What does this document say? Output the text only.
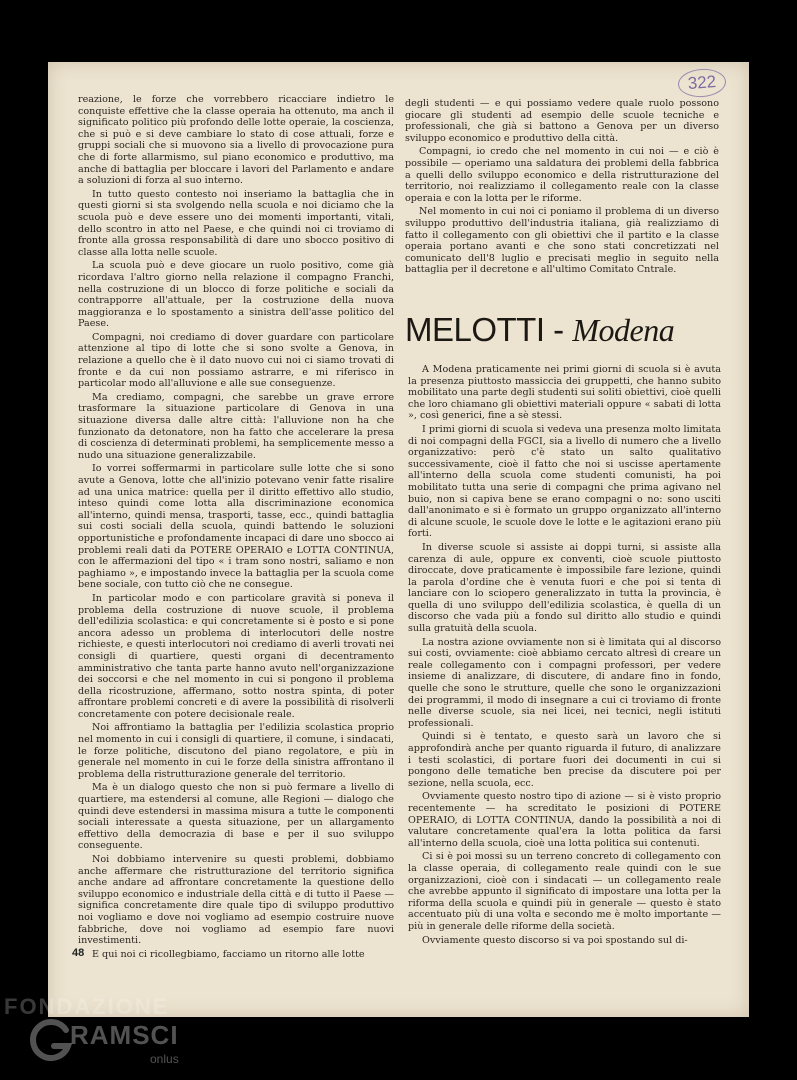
322

reazione, le forze che vorrebbero ricacciare indietro le conquiste effettive che la classe operaia ha ottenuto, ma anch il significato politico più profondo delle lotte operaie, la coscienza, che si può e si deve cambiare lo stato di cose attuali, forze e gruppi sociali che si muovono sia a livello di provocazione pura che di forte allarmismo, sul piano economico e produttivo, ma anche di battaglia per bloccare i lavori del Parlamento e andare a soluzioni di forza al suo interno.

In tutto questo contesto noi inseriamo la battaglia che in questi giorni si sta svolgendo nella scuola e noi diciamo che la scuola può e deve essere uno dei momenti importanti, vitali, dello scontro in atto nel Paese, e che quindi noi ci troviamo di fronte alla grossa responsabilità di dare uno sbocco positivo di classe alla lotta nelle scuole.

La scuola può e deve giocare un ruolo positivo, come già ricordava l'altro giorno nella relazione il compagno Franchi, nella costruzione di un blocco di forze politiche e sociali da contrapporre all'attuale, per la costruzione della nuova maggioranza e lo spostamento a sinistra dell'asse politico del Paese.

Compagni, noi crediamo di dover guardare con particolare attenzione al tipo di lotte che si sono svolte a Genova, in relazione a quello che è il dato nuovo cui noi ci siamo trovati di fronte e da cui non possiamo astrarre, e mi riferisco in particolar modo all'alluvione e alle sue conseguenze.

Ma crediamo, compagni, che sarebbe un grave errore trasformare la situazione particolare di Genova in una situazione diversa dalle altre città: l'alluvione non ha che funzionato da detonatore, non ha fatto che accelerare la presa di coscienza di determinati problemi, ha semplicemente messo a nudo una situazione generalizzabile.

Io vorrei soffermarmi in particolare sulle lotte che si sono avute a Genova, lotte che all'inizio potevano venir fatte risalire ad una unica matrice: quella per il diritto effettivo allo studio, inteso quindi come lotta alla discriminazione economica all'interno, quindi mensa, trasporti, tasse, ecc., quindi battaglia sui costi sociali della scuola, quindi battendo le soluzioni opportunistiche e profondamente incapaci di dare uno sbocco ai problemi reali dati da POTERE OPERAIO e LOTTA CONTINUA, con le affermazioni del tipo « i tram sono nostri, saliamo e non paghiamo », e impostando invece la battaglia per la scuola come bene sociale, con tutto ciò che ne consegue.

In particolar modo e con particolare gravità si poneva il problema della costruzione di nuove scuole, il problema dell'edilizia scolastica: e qui concretamente si è posto e si pone ancora adesso un problema di interlocutori delle nostre richieste, e questi interlocutori noi crediamo di averli trovati nei consigli di quartiere, questi organi di decentramento amministrativo che tanta parte hanno avuto nell'organizzazione dei soccorsi e che nel momento in cui si pongono il problema della ricostruzione, affermano, sotto nostra spinta, di poter affrontare problemi concreti e di avere la possibilità di risolverli concretamente con potere decisionale reale.

Noi affrontiamo la battaglia per l'edilizia scolastica proprio nel momento in cui i consigli di quartiere, il comune, i sindacati, le forze politiche, discutono del piano regolatore, e più in generale nel momento in cui le forze della sinistra affrontano il problema della ristrutturazione generale del territorio.

Ma è un dialogo questo che non si può fermare a livello di quartiere, ma estendersi al comune, alle Regioni — dialogo che quindi deve estendersi in massima misura a tutte le componenti sociali interessate a questa situazione, per un allargamento effettivo della democrazia di base e per il suo sviluppo conseguente.

Noi dobbiamo intervenire su questi problemi, dobbiamo anche affermare che ristrutturazione del territorio significa anche andare ad affrontare concretamente la questione dello sviluppo economico e industriale della città e di tutto il Paese — significa concretamente dire quale tipo di sviluppo produttivo noi vogliamo e dove noi vogliamo ad esempio costruire nuove fabbriche, dove noi vogliamo ad esempio fare nuovi investimenti.

E qui noi ci ricollegbiamo, facciamo un ritorno alle lotte

degli studenti — e qui possiamo vedere quale ruolo possono giocare gli studenti ad esempio delle scuole tecniche e professionali, che già si battono a Genova per un diverso sviluppo economico e produttivo della città.

Compagni, io credo che nel momento in cui noi — e ciò è possibile — operiamo una saldatura dei problemi della fabbrica a quelli dello sviluppo economico e della ristrutturazione del territorio, noi realizziamo il collegamento reale con la classe operaia e con la lotta per le riforme.

Nel momento in cui noi ci poniamo il problema di un diverso sviluppo produttivo dell'industria italiana, già realizziamo di fatto il collegamento con gli obiettivi che il partito e la classe operaia portano avanti e che sono stati concretizzati nel comunicato dell'8 luglio e precisati meglio in seguito nella battaglia per il decretone e all'ultimo Comitato Cntrale.

MELOTTI - Modena

A Modena praticamente nei primi giorni di scuola si è avuta la presenza piuttosto massiccia dei gruppetti, che hanno subito mobilitato una parte degli studenti sui soliti obiettivi, cioè quelli che loro chiamano gli obiettivi materiali oppure « sabati di lotta », così generici, fine a sè stessi.

I primi giorni di scuola si vedeva una presenza molto limitata di noi compagni della FGCI, sia a livello di numero che a livello organizzativo: però c'è stato un salto qualitativo successivamente, cioè il fatto che noi si uscisse apertamente all'interno della scuola come studenti comunisti, ha poi mobilitato tutta una serie di compagni che prima agivano nel buio, non si capiva bene se erano compagni o no: sono usciti dall'anonimato e si è formato un gruppo organizzato all'interno di alcune scuole, le scuole dove le lotte e le agitazioni erano più forti.

In diverse scuole si assiste ai doppi turni, si assiste alla carenza di aule, oppure ex conventi, cioè scuole piuttosto diroccate, dove praticamente è impossibile fare lezione, quindi la parola d'ordine che è venuta fuori e che poi si tenta di lanciare con lo sciopero generalizzato in tutta la provincia, è quella di uno sviluppo dell'edilizia scolastica, è quella di un discorso che vada più a fondo sul diritto allo studio e quindi sulla gratuità della scuola.

La nostra azione ovviamente non si è limitata qui al discorso sui costi, ovviamente: cioè abbiamo cercato altresì di creare un reale collegamento con i compagni professori, per vedere insieme di analizzare, di discutere, di andare fino in fondo, quelle che sono le strutture, quelle che sono le organizzazioni dei programmi, il modo di insegnare a cui ci troviamo di fronte nelle diverse scuole, sia nei licei, nei tecnici, negli istituti professionali.

Quindi si è tentato, e questo sarà un lavoro che si approfondirà anche per quanto riguarda il futuro, di analizzare i testi scolastici, di portare fuori dei documenti in cui si pongono delle tematiche ben precise da discutere poi per sezione, nella scuola, ecc.

Ovviamente questo nostro tipo di azione — si è visto proprio recentemente — ha screditato le posizioni di POTERE OPERAIO, di LOTTA CONTINUA, dando la possibilità a noi di valutare concretamente qual'era la lotta politica da farsi all'interno della scuola, cioè una lotta politica sui contenuti.

Ci si è poi mossi su un terreno concreto di collegamento con la classe operaia, di collegamento reale quindi con le sue organizzazioni, cioè con i sindacati — un collegamento reale che avrebbe appunto il significato di impostare una lotta per la riforma della scuola e quindi più in generale — questo è stato accentuato più di una volta e secondo me è molto importante — più in generale delle riforme della società.

Ovviamente questo discorso si va poi spostando sul di-

48
FONDAZIONE
RAMSCI
onlus
